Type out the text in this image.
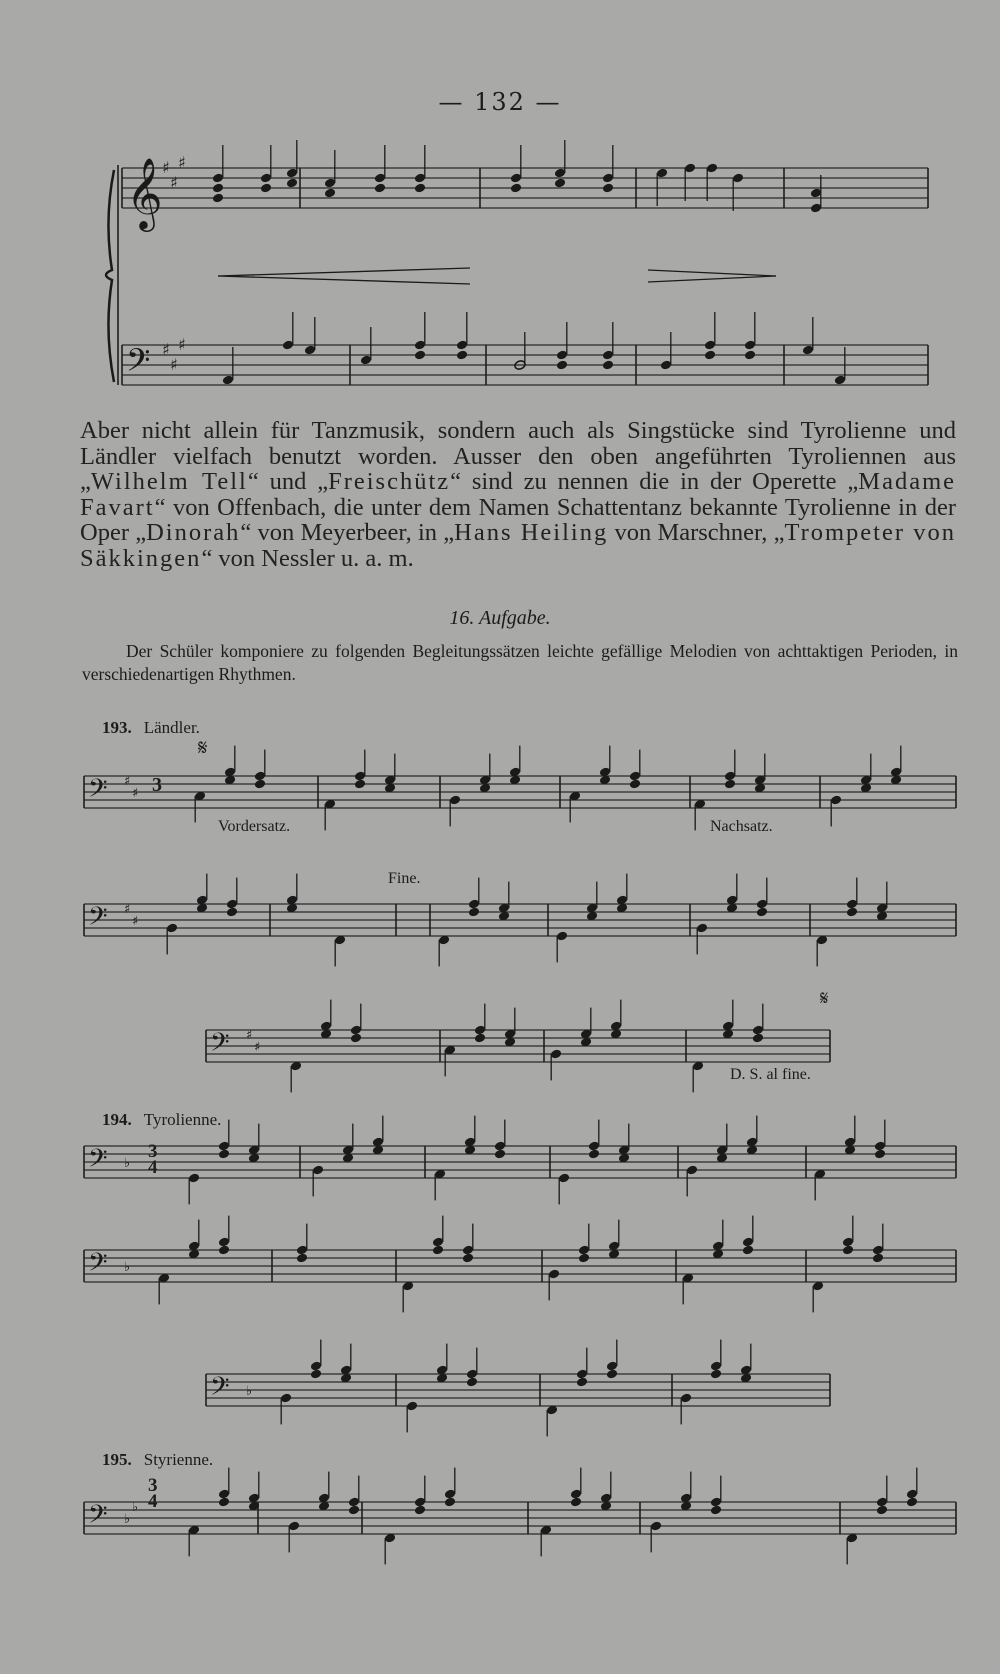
— 132 —
𝄞 ♯
♯
♯
𝄢 ♯
♯
♯
Aber nicht allein für Tanzmusik, sondern auch als Singstücke sind Tyrolienne und Ländler vielfach benutzt worden. Ausser den oben angeführten Tyroliennen aus „Wilhelm Tell“ und „Freischütz“ sind zu nennen die in der Operette „Madame Favart“ von Offenbach, die unter dem Namen Schattentanz bekannte Tyrolienne in der Oper „Dinorah“ von Meyerbeer, in „Hans Heiling von Marschner, „Trompeter von Säkkingen“ von Nessler u. a. m.
16. Aufgabe.
Der Schüler komponiere zu folgenden Begleitungssätzen leichte gefällige Melodien von achttaktigen Perioden, in verschiedenartigen Rhythmen.
193. Ländler.
𝄋
Vordersatz.	Nachsatz.
Fine.
D. S. al fine.
𝄋
3
𝄢 ♯
♯
𝄢 ♯
♯
𝄢 ♯
♯
194. Tyrolienne.
3
4
𝄢 ♭
𝄢 ♭
𝄢 ♭
195. Styrienne.
3
4
𝄢 ♭
♭
